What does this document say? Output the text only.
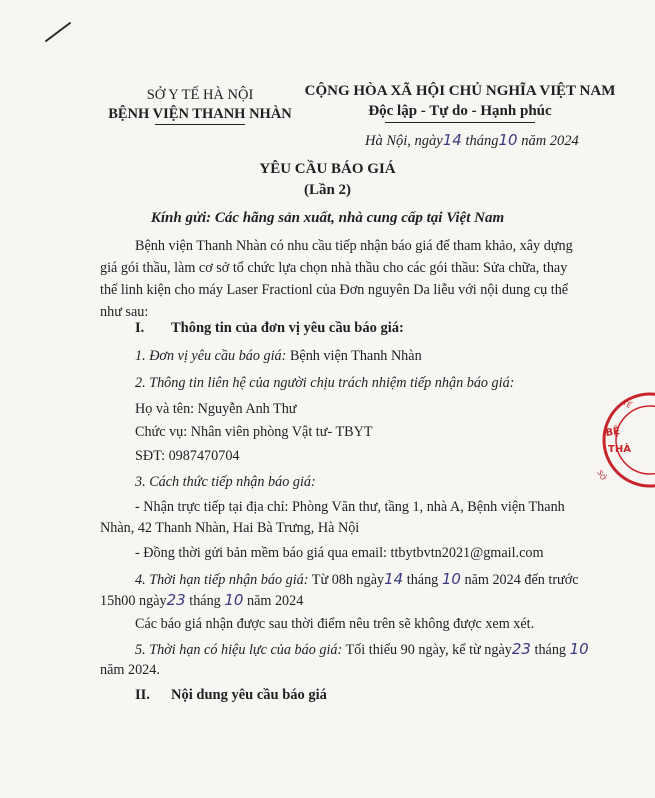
SỞ Y TẾ HÀ NỘI
BỆNH VIỆN THANH NHÀN
CỘNG HÒA XÃ HỘI CHỦ NGHĨA VIỆT NAM
Độc lập - Tự do - Hạnh phúc
Hà Nội, ngày14 tháng10 năm 2024
YÊU CẦU BÁO GIÁ
(Lần 2)
Kính gửi: Các hãng sản xuất, nhà cung cấp tại Việt Nam
Bệnh viện Thanh Nhàn có nhu cầu tiếp nhận báo giá để tham khảo, xây dựng
giá gói thầu, làm cơ sở tổ chức lựa chọn nhà thầu cho các gói thầu: Sửa chữa, thay
thế linh kiện cho máy Laser Fractionl của Đơn nguyên Da liễu với nội dung cụ thể
như sau:
I. Thông tin của đơn vị yêu cầu báo giá:
1. Đơn vị yêu cầu báo giá: Bệnh viện Thanh Nhàn
2. Thông tin liên hệ của người chịu trách nhiệm tiếp nhận báo giá:
Họ và tên: Nguyễn Anh Thư
Chức vụ: Nhân viên phòng Vật tư- TBYT
SĐT: 0987470704
3. Cách thức tiếp nhận báo giá:
- Nhận trực tiếp tại địa chỉ: Phòng Văn thư, tầng 1, nhà A, Bệnh viện Thanh
Nhàn, 42 Thanh Nhàn, Hai Bà Trưng, Hà Nội
- Đồng thời gửi bản mềm báo giá qua email: ttbytbvtn2021@gmail.com
4. Thời hạn tiếp nhận báo giá: Từ 08h ngày14 tháng 10 năm 2024 đến trước
15h00 ngày23 tháng 10 năm 2024
Các báo giá nhận được sau thời điểm nêu trên sẽ không được xem xét.
5. Thời hạn có hiệu lực của báo giá: Tối thiểu 90 ngày, kể từ ngày23 tháng 10
năm 2024.
II. Nội dung yêu cầu báo giá
BỆ
THÀ
TẾ
SỞ
